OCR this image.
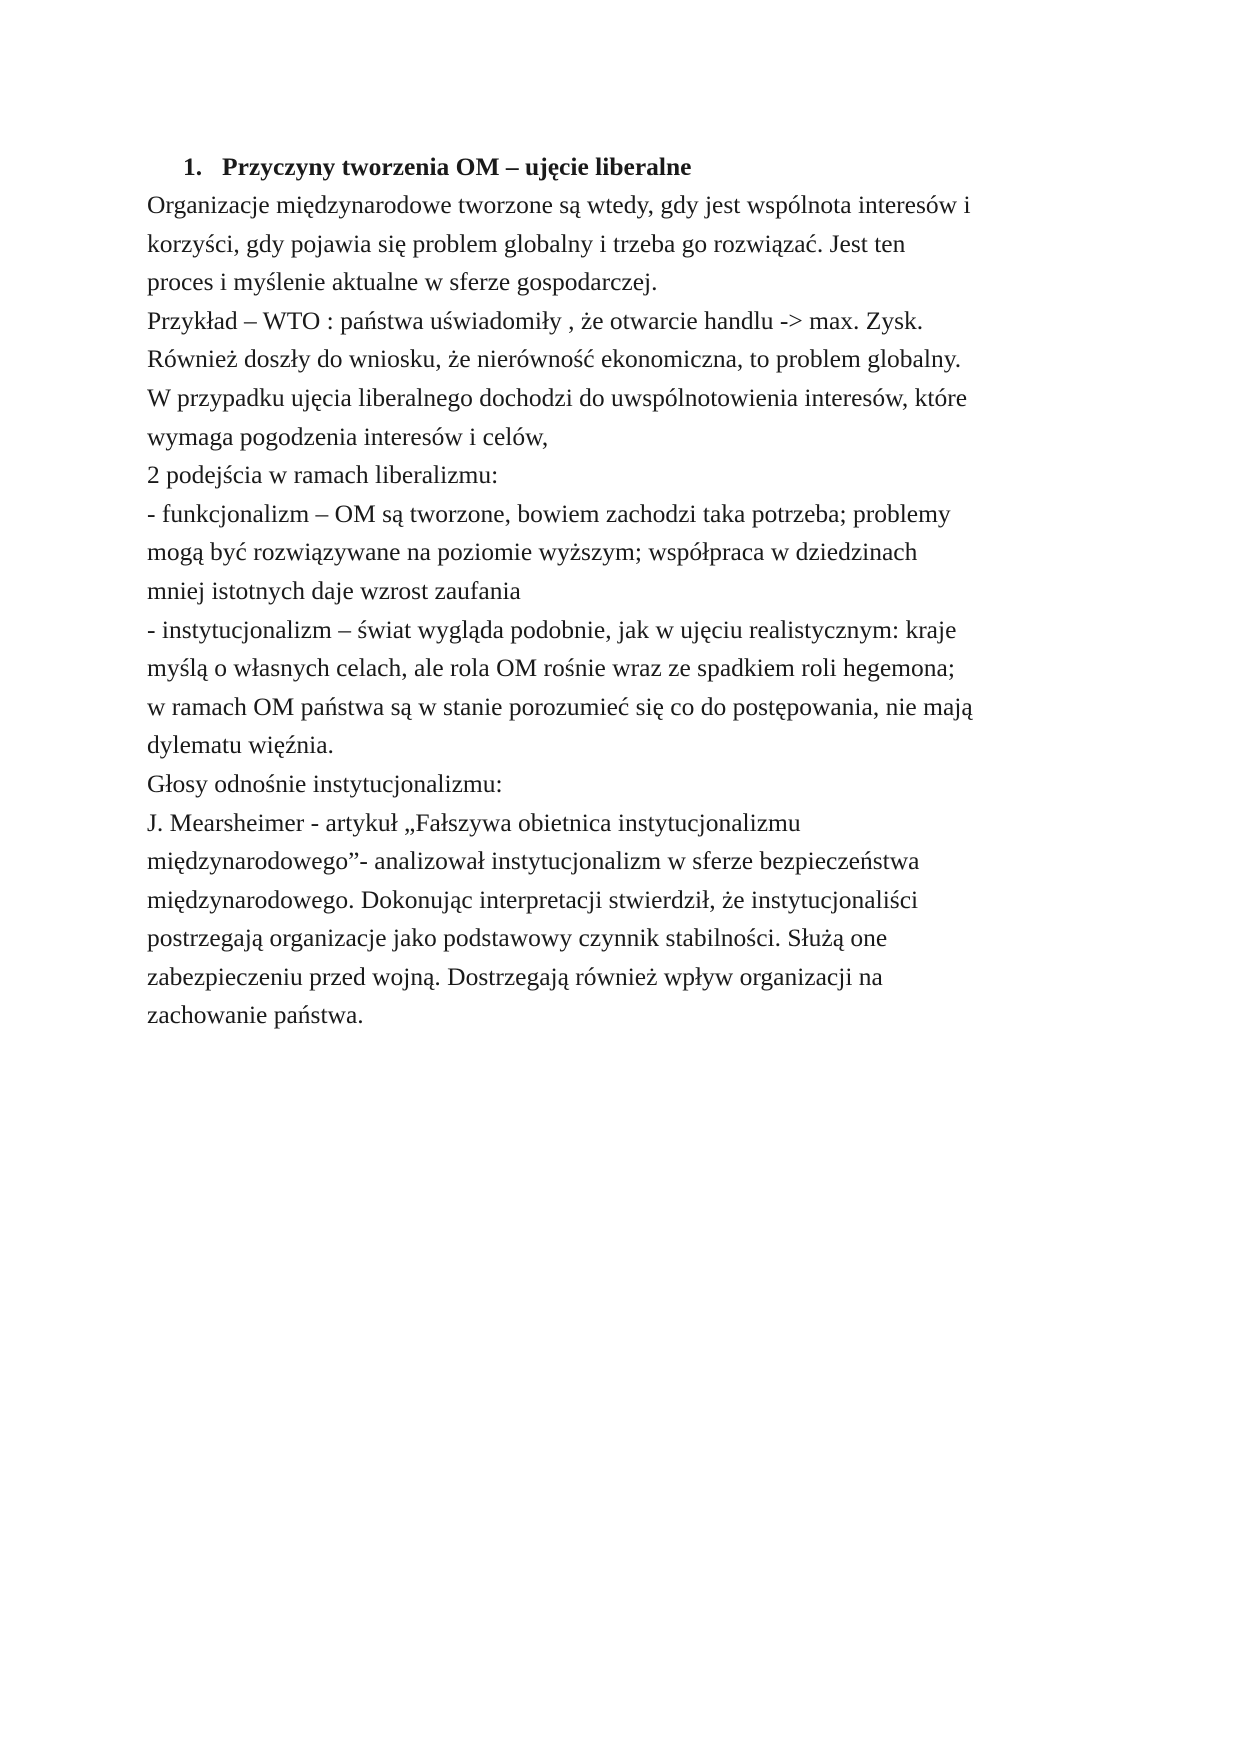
1. Przyczyny tworzenia OM – ujęcie liberalne
Organizacje międzynarodowe tworzone są wtedy, gdy jest wspólnota interesów i
korzyści, gdy pojawia się problem globalny i trzeba go rozwiązać. Jest ten
proces i myślenie aktualne w sferze gospodarczej.
Przykład – WTO : państwa uświadomiły , że otwarcie handlu -> max. Zysk.
Również doszły do wniosku, że nierówność ekonomiczna, to problem globalny.
W przypadku ujęcia liberalnego dochodzi do uwspólnotowienia interesów, które
wymaga pogodzenia interesów i celów,
2 podejścia w ramach liberalizmu:
- funkcjonalizm – OM są tworzone, bowiem zachodzi taka potrzeba; problemy
mogą być rozwiązywane na poziomie wyższym; współpraca w dziedzinach
mniej istotnych daje wzrost zaufania
- instytucjonalizm – świat wygląda podobnie, jak w ujęciu realistycznym: kraje
myślą o własnych celach, ale rola OM rośnie wraz ze spadkiem roli hegemona;
w ramach OM państwa są w stanie porozumieć się co do postępowania, nie mają
dylematu więźnia.
Głosy odnośnie instytucjonalizmu:
J. Mearsheimer - artykuł „Fałszywa obietnica instytucjonalizmu
międzynarodowego”- analizował instytucjonalizm w sferze bezpieczeństwa
międzynarodowego. Dokonując interpretacji stwierdził, że instytucjonaliści
postrzegają organizacje jako podstawowy czynnik stabilności. Służą one
zabezpieczeniu przed wojną. Dostrzegają również wpływ organizacji na
zachowanie państwa.
